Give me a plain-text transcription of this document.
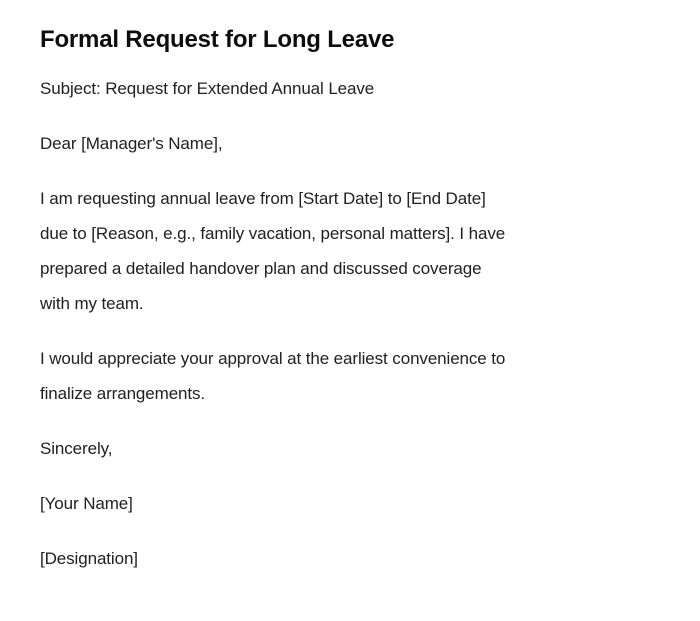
Formal Request for Long Leave

Subject: Request for Extended Annual Leave

Dear [Manager's Name],

I am requesting annual leave from [Start Date] to [End Date]
due to [Reason, e.g., family vacation, personal matters]. I have
prepared a detailed handover plan and discussed coverage
with my team.

I would appreciate your approval at the earliest convenience to
finalize arrangements.

Sincerely,

[Your Name]

[Designation]
